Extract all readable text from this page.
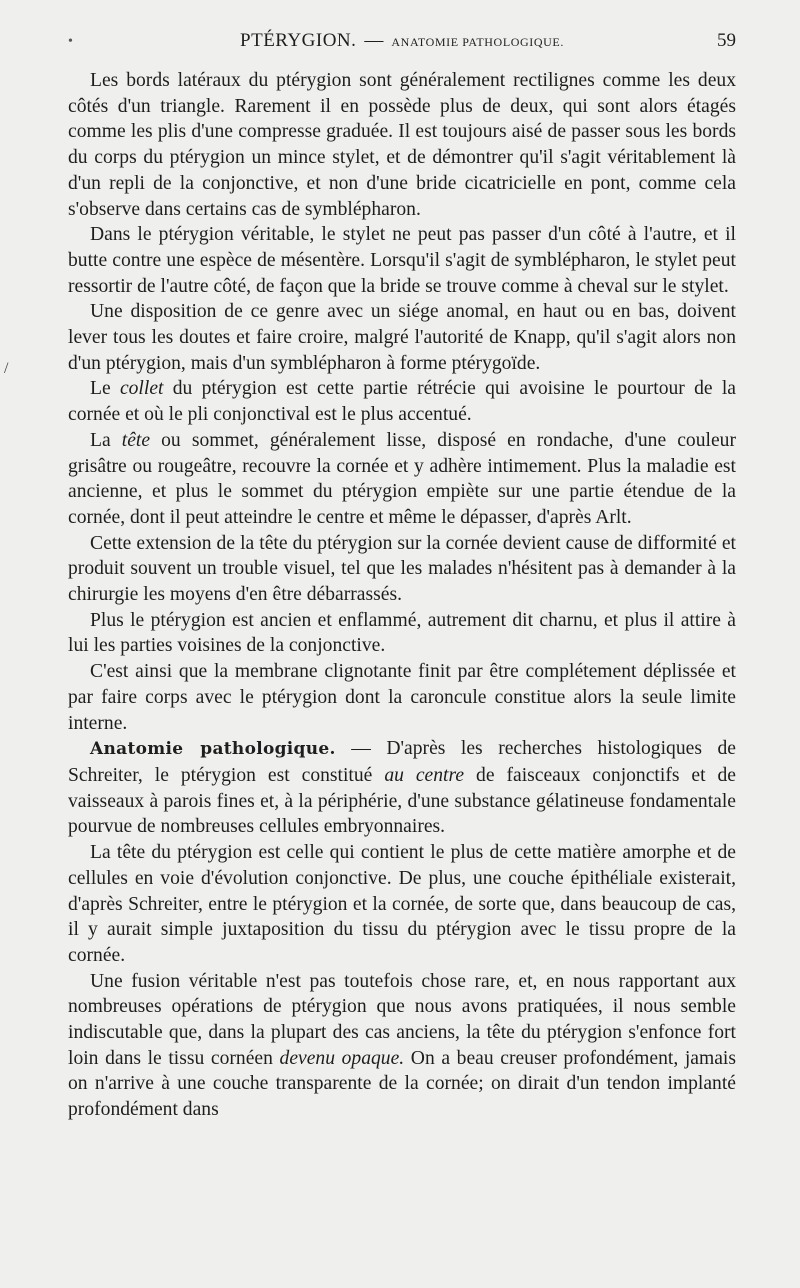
/
•	PTÉRYGION. — ANATOMIE PATHOLOGIQUE.	59

Les bords latéraux du ptérygion sont généralement rectilignes comme les deux côtés d'un triangle. Rarement il en possède plus de deux, qui sont alors étagés comme les plis d'une compresse graduée. Il est toujours aisé de passer sous les bords du corps du ptérygion un mince stylet, et de démontrer qu'il s'agit véritablement là d'un repli de la conjonctive, et non d'une bride cicatricielle en pont, comme cela s'observe dans certains cas de symblépharon.

Dans le ptérygion véritable, le stylet ne peut pas passer d'un côté à l'autre, et il butte contre une espèce de mésentère. Lorsqu'il s'agit de symblépharon, le stylet peut ressortir de l'autre côté, de façon que la bride se trouve comme à cheval sur le stylet.

Une disposition de ce genre avec un siége anomal, en haut ou en bas, doivent lever tous les doutes et faire croire, malgré l'autorité de Knapp, qu'il s'agit alors non d'un ptérygion, mais d'un symblépharon à forme ptérygoïde.

Le collet du ptérygion est cette partie rétrécie qui avoisine le pourtour de la cornée et où le pli conjonctival est le plus accentué.

La tête ou sommet, généralement lisse, disposé en rondache, d'une couleur grisâtre ou rougeâtre, recouvre la cornée et y adhère intimement. Plus la maladie est ancienne, et plus le sommet du ptérygion empiète sur une partie étendue de la cornée, dont il peut atteindre le centre et même le dépasser, d'après Arlt.

Cette extension de la tête du ptérygion sur la cornée devient cause de difformité et produit souvent un trouble visuel, tel que les malades n'hésitent pas à demander à la chirurgie les moyens d'en être débarrassés.

Plus le ptérygion est ancien et enflammé, autrement dit charnu, et plus il attire à lui les parties voisines de la conjonctive.

C'est ainsi que la membrane clignotante finit par être complétement déplissée et par faire corps avec le ptérygion dont la caroncule constitue alors la seule limite interne.

Anatomie pathologique. — D'après les recherches histologiques de Schreiter, le ptérygion est constitué au centre de faisceaux conjonctifs et de vaisseaux à parois fines et, à la périphérie, d'une substance gélatineuse fondamentale pourvue de nombreuses cellules embryonnaires.

La tête du ptérygion est celle qui contient le plus de cette matière amorphe et de cellules en voie d'évolution conjonctive. De plus, une couche épithéliale existerait, d'après Schreiter, entre le ptérygion et la cornée, de sorte que, dans beaucoup de cas, il y aurait simple juxtaposition du tissu du ptérygion avec le tissu propre de la cornée.

Une fusion véritable n'est pas toutefois chose rare, et, en nous rapportant aux nombreuses opérations de ptérygion que nous avons pratiquées, il nous semble indiscutable que, dans la plupart des cas anciens, la tête du ptérygion s'enfonce fort loin dans le tissu cornéen devenu opaque. On a beau creuser profondément, jamais on n'arrive à une couche transparente de la cornée; on dirait d'un tendon implanté profondément dans
